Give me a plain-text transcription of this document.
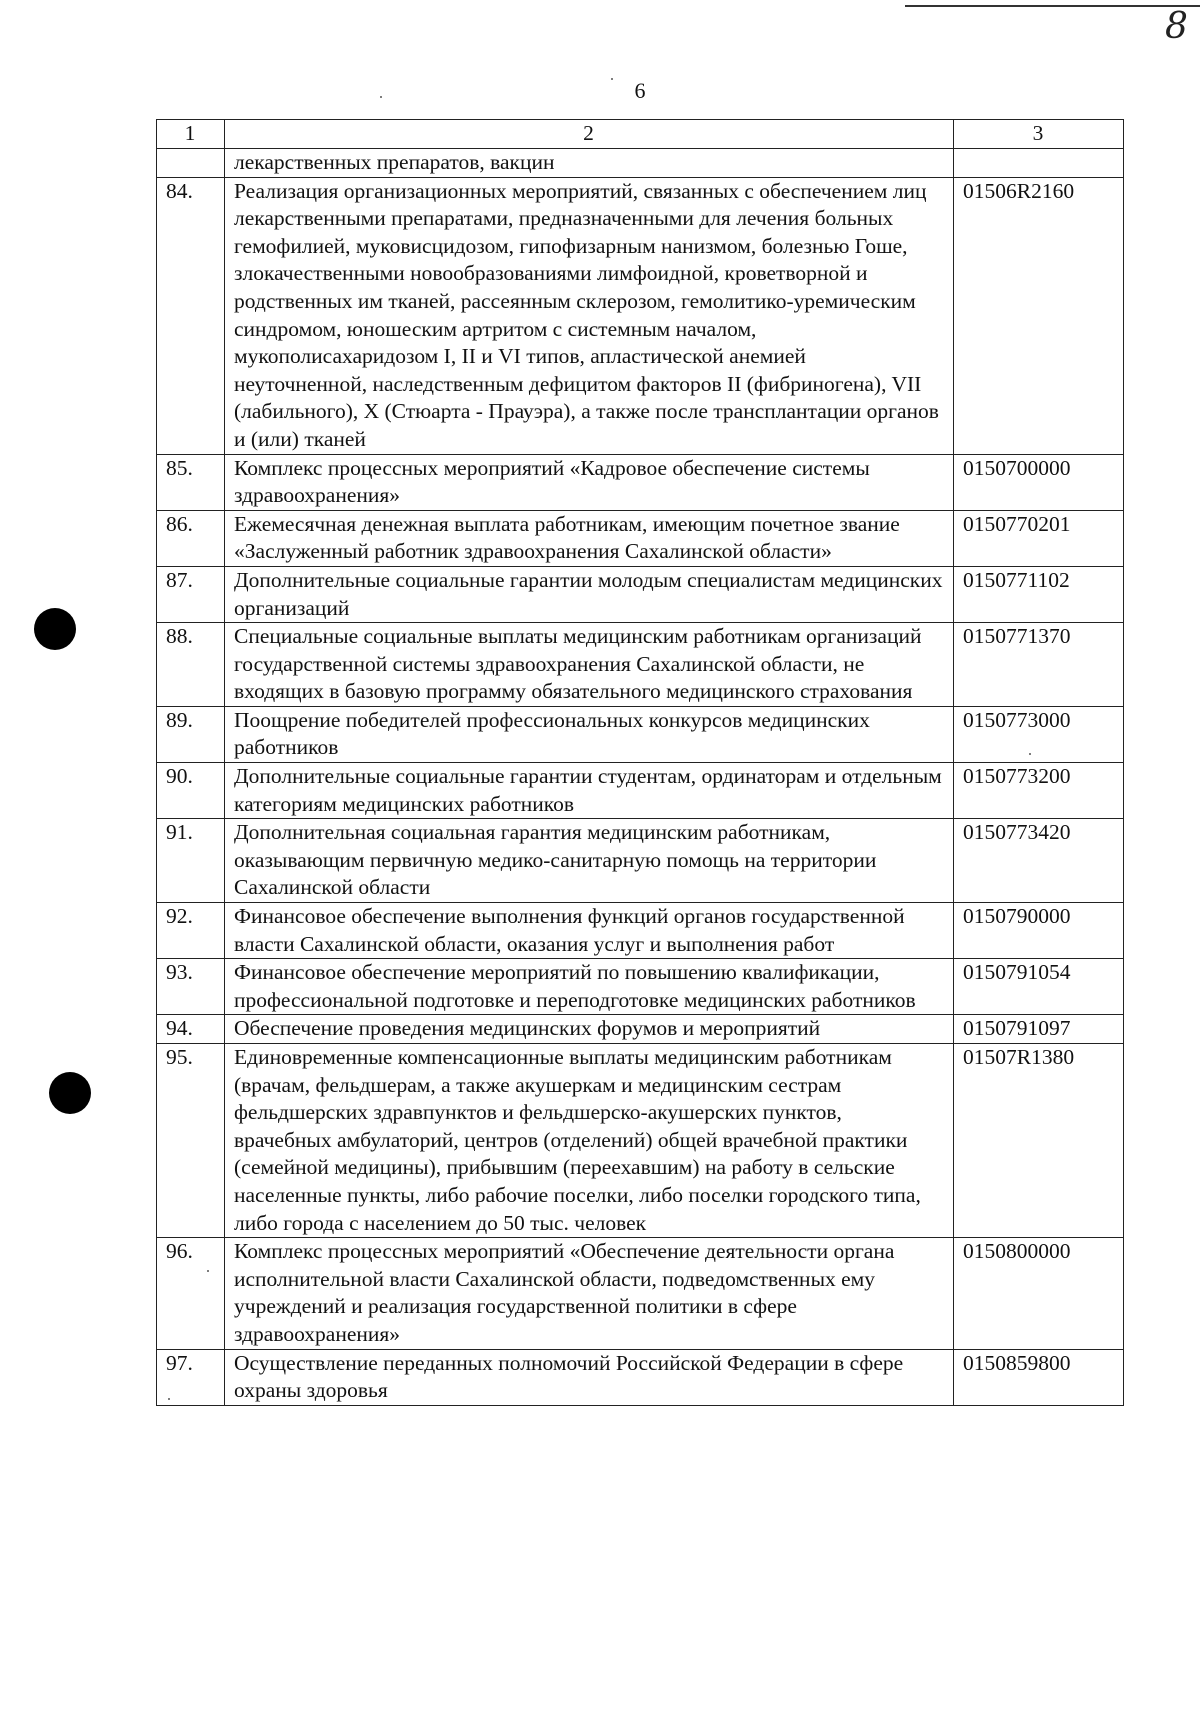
8
6
1	2	3
	лекарственных препаратов, вакцин	
84.	Реализация организационных мероприятий, связанных с обеспечением лиц лекарственными препаратами, предназначенными для лечения больных гемофилией, муковисцидозом, гипофизарным нанизмом, болезнью Гоше, злокачественными новообразованиями лимфоидной, кроветворной и родственных им тканей, рассеянным склерозом, гемолитико-уремическим синдромом, юношеским артритом с системным началом, мукополисахаридозом I, II и VI типов, апластической анемией неуточненной, наследственным дефицитом факторов II (фибриногена), VII (лабильного), X (Стюарта - Прауэра), а также после трансплантации органов и (или) тканей	01506R2160
85.	Комплекс процессных мероприятий «Кадровое обеспечение системы здравоохранения»	0150700000
86.	Ежемесячная денежная выплата работникам, имеющим почетное звание «Заслуженный работник здравоохранения Сахалинской области»	0150770201
87.	Дополнительные социальные гарантии молодым специалистам медицинских организаций	0150771102
88.	Специальные социальные выплаты медицинским работникам организаций государственной системы здравоохранения Сахалинской области, не входящих в базовую программу обязательного медицинского страхования	0150771370
89.	Поощрение победителей профессиональных конкурсов медицинских работников	0150773000
90.	Дополнительные социальные гарантии студентам, ординаторам и отдельным категориям медицинских работников	0150773200
91.	Дополнительная социальная гарантия медицинским работникам, оказывающим первичную медико-санитарную помощь на территории Сахалинской области	0150773420
92.	Финансовое обеспечение выполнения функций органов государственной власти Сахалинской области, оказания услуг и выполнения работ	0150790000
93.	Финансовое обеспечение мероприятий по повышению квалификации, профессиональной подготовке и переподготовке медицинских работников	0150791054
94.	Обеспечение проведения медицинских форумов и мероприятий	0150791097
95.	Единовременные компенсационные выплаты медицинским работникам (врачам, фельдшерам, а также акушеркам и медицинским сестрам фельдшерских здравпунктов и фельдшерско-акушерских пунктов, врачебных амбулаторий, центров (отделений) общей врачебной практики (семейной медицины), прибывшим (переехавшим) на работу в сельские населенные пункты, либо рабочие поселки, либо поселки городского типа, либо города с населением до 50 тыс. человек	01507R1380
96.	Комплекс процессных мероприятий «Обеспечение деятельности органа исполнительной власти Сахалинской области, подведомственных ему учреждений и реализация государственной политики в сфере здравоохранения»	0150800000
97.	Осуществление переданных полномочий Российской Федерации в сфере охраны здоровья	0150859800
